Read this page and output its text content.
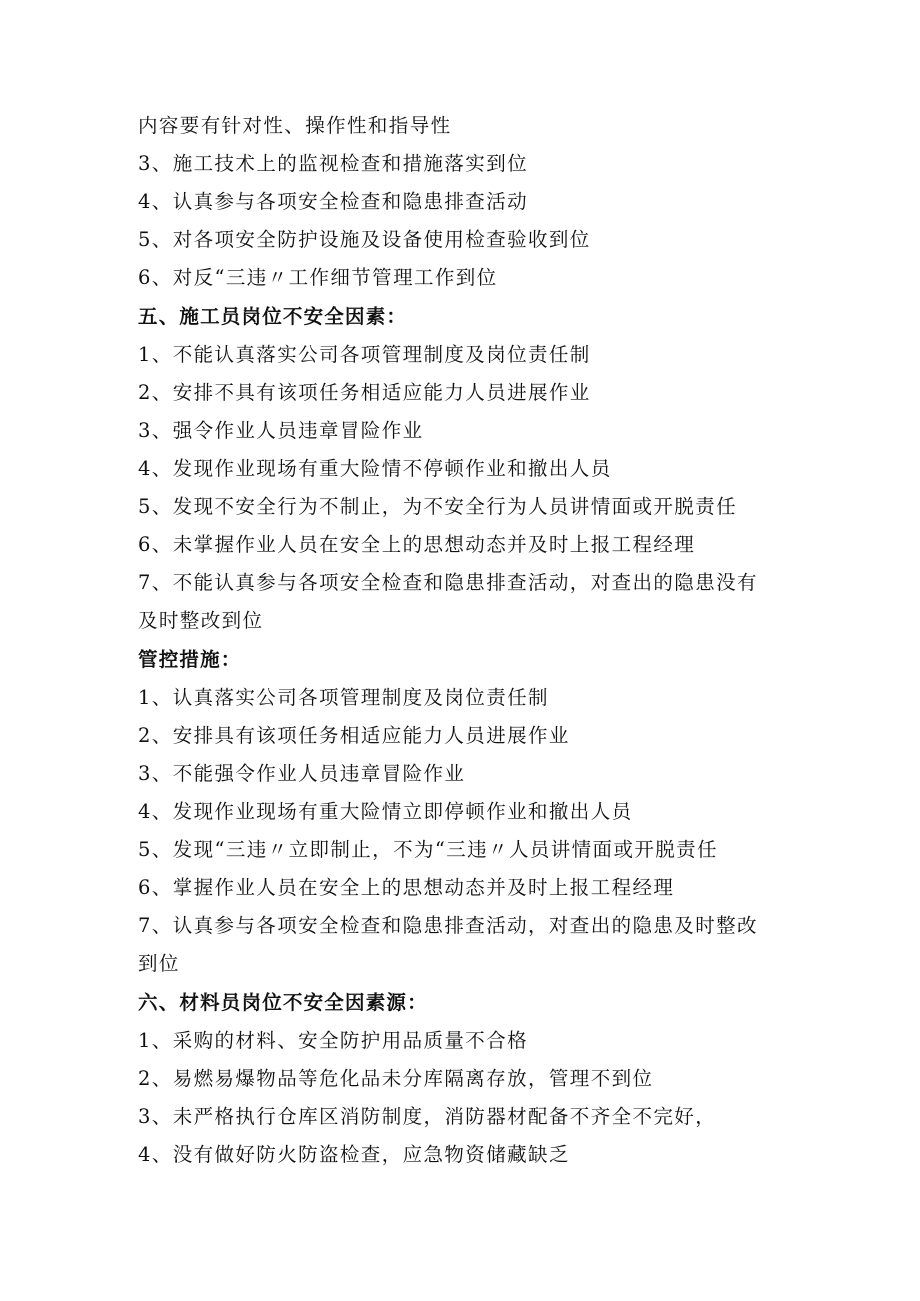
内容要有针对性、操作性和指导性
3、施工技术上的监视检查和措施落实到位
4、认真参与各项安全检查和隐患排查活动
5、对各项安全防护设施及设备使用检查验收到位
6、对反“三违〃工作细节管理工作到位
五、施工员岗位不安全因素：
1、不能认真落实公司各项管理制度及岗位责任制
2、安排不具有该项任务相适应能力人员进展作业
3、强令作业人员违章冒险作业
4、发现作业现场有重大险情不停顿作业和撤出人员
5、发现不安全行为不制止，为不安全行为人员讲情面或开脱责任
6、未掌握作业人员在安全上的思想动态并及时上报工程经理
7、不能认真参与各项安全检查和隐患排查活动，对查出的隐患没有
及时整改到位
管控措施：
1、认真落实公司各项管理制度及岗位责任制
2、安排具有该项任务相适应能力人员进展作业
3、不能强令作业人员违章冒险作业
4、发现作业现场有重大险情立即停顿作业和撤出人员
5、发现“三违〃立即制止，不为“三违〃人员讲情面或开脱责任
6、掌握作业人员在安全上的思想动态并及时上报工程经理
7、认真参与各项安全检查和隐患排查活动，对查出的隐患及时整改
到位
六、材料员岗位不安全因素源：
1、采购的材料、安全防护用品质量不合格
2、易燃易爆物品等危化品未分库隔离存放，管理不到位
3、未严格执行仓库区消防制度，消防器材配备不齐全不完好，
4、没有做好防火防盗检查，应急物资储藏缺乏
